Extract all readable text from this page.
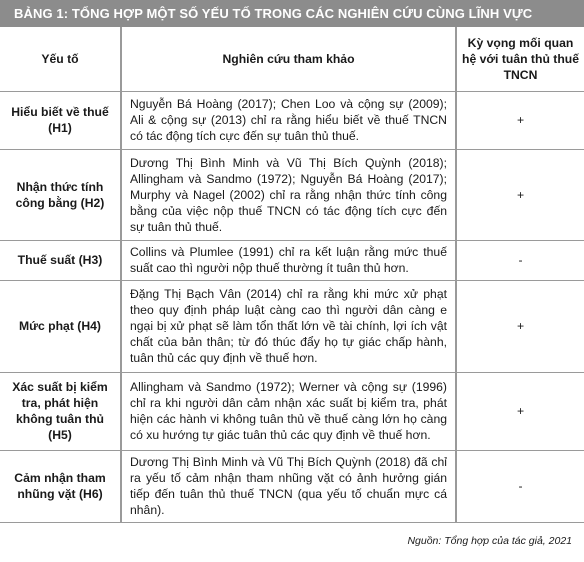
BẢNG 1: TỔNG HỢP MỘT SỐ YẾU TỐ TRONG CÁC NGHIÊN CỨU CÙNG LĨNH VỰC
Yếu tố	Nghiên cứu tham khảo	Kỳ vọng mối quan hệ với tuân thủ thuế TNCN
Hiểu biết về thuế (H1)	Nguyễn Bá Hoàng (2017); Chen Loo và cộng sự (2009); Ali & cộng sự (2013) chỉ ra rằng hiểu biết về thuế TNCN có tác động tích cực đến sự tuân thủ thuế.	+
Nhận thức tính công bằng (H2)	Dương Thị Bình Minh và Vũ Thị Bích Quỳnh (2018); Allingham và Sandmo (1972); Nguyễn Bá Hoàng (2017); Murphy và Nagel (2002) chỉ ra rằng nhận thức tính công bằng của việc nộp thuế TNCN có tác động tích cực đến sự tuân thủ thuế.	+
Thuế suất (H3)	Collins và Plumlee (1991) chỉ ra kết luận rằng mức thuế suất cao thì người nộp thuế thường ít tuân thủ hơn.	-
Mức phạt (H4)	Đặng Thị Bạch Vân (2014) chỉ ra rằng khi mức xử phạt theo quy định pháp luật càng cao thì người dân càng e ngại bị xử phạt sẽ làm tổn thất lớn về tài chính, lợi ích vật chất của bản thân; từ đó thúc đẩy họ tự giác chấp hành, tuân thủ các quy định về thuế hơn.	+
Xác suất bị kiểm tra, phát hiện không tuân thủ (H5)	Allingham và Sandmo (1972); Werner và cộng sự (1996) chỉ ra khi người dân cảm nhận xác suất bị kiểm tra, phát hiện các hành vi không tuân thủ về thuế càng lớn họ càng có xu hướng tự giác tuân thủ các quy định về thuế hơn.	+
Cảm nhận tham nhũng vặt (H6)	Dương Thị Bình Minh và Vũ Thị Bích Quỳnh (2018) đã chỉ ra yếu tố cảm nhận tham nhũng vặt có ảnh hưởng gián tiếp đến tuân thủ thuế TNCN (qua yếu tố chuẩn mực cá nhân).	-
Nguồn: Tổng hợp của tác giả, 2021
